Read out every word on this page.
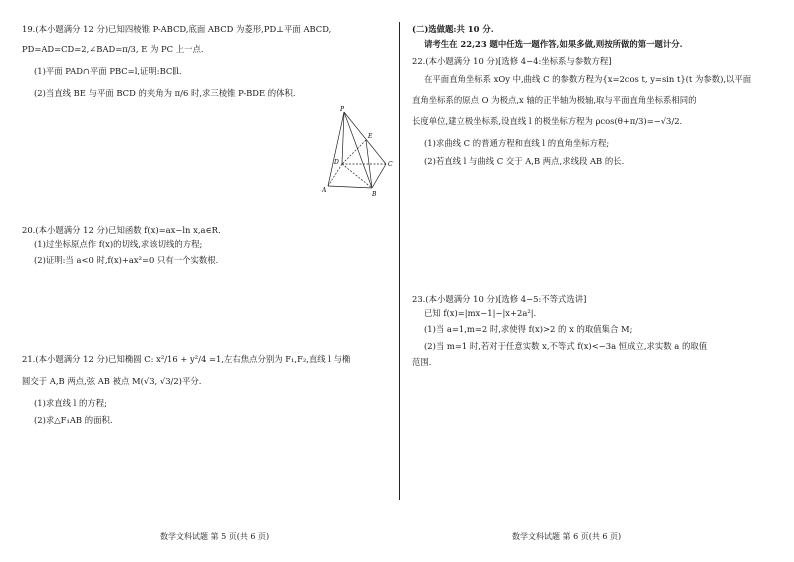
19.(本小题满分 12 分)已知四棱锥 P-ABCD,底面 ABCD 为菱形,PD⊥平面 ABCD,
PD=AD=CD=2,∠BAD=π/3, E 为 PC 上一点.
(1)平面 PAD∩平面 PBC=l,证明:BC∥l.
(2)当直线 BE 与平面 BCD 的夹角为 π/6 时,求三棱锥 P-BDE 的体积.
P
E
D	C
A
B
20.(本小题满分 12 分)已知函数 f(x)=ax−ln x,a∈R.
(1)过坐标原点作 f(x)的切线,求该切线的方程;
(2)证明:当 a<0 时,f(x)+ax²=0 只有一个实数根.
21.(本小题满分 12 分)已知椭圆 C: x²/16 + y²/4 =1,左右焦点分别为 F₁,F₂,直线 l 与椭
圆交于 A,B 两点,弦 AB 被点 M(√3, √3/2)平分.
(1)求直线 l 的方程;
(2)求△F₁AB 的面积.
数学文科试题 第 5 页(共 6 页)
(二)选做题:共 10 分.
请考生在 22,23 题中任选一题作答,如果多做,则按所做的第一题计分.
22.(本小题满分 10 分)[选修 4−4:坐标系与参数方程]
在平面直角坐标系 xOy 中,曲线 C 的参数方程为{x=2cos t, y=sin t}(t 为参数),以平面
直角坐标系的原点 O 为极点,x 轴的正半轴为极轴,取与平面直角坐标系相同的
长度单位,建立极坐标系,设直线 l 的极坐标方程为 ρcos(θ+π/3)=−√3/2.
(1)求曲线 C 的普通方程和直线 l 的直角坐标方程;
(2)若直线 l 与曲线 C 交于 A,B 两点,求线段 AB 的长.
23.(本小题满分 10 分)[选修 4−5:不等式选讲]
已知 f(x)=|mx−1|−|x+2a²|.
(1)当 a=1,m=2 时,求使得 f(x)>2 的 x 的取值集合 M;
(2)当 m=1 时,若对于任意实数 x,不等式 f(x)<−3a 恒成立,求实数 a 的取值
范围.
数学文科试题 第 6 页(共 6 页)
